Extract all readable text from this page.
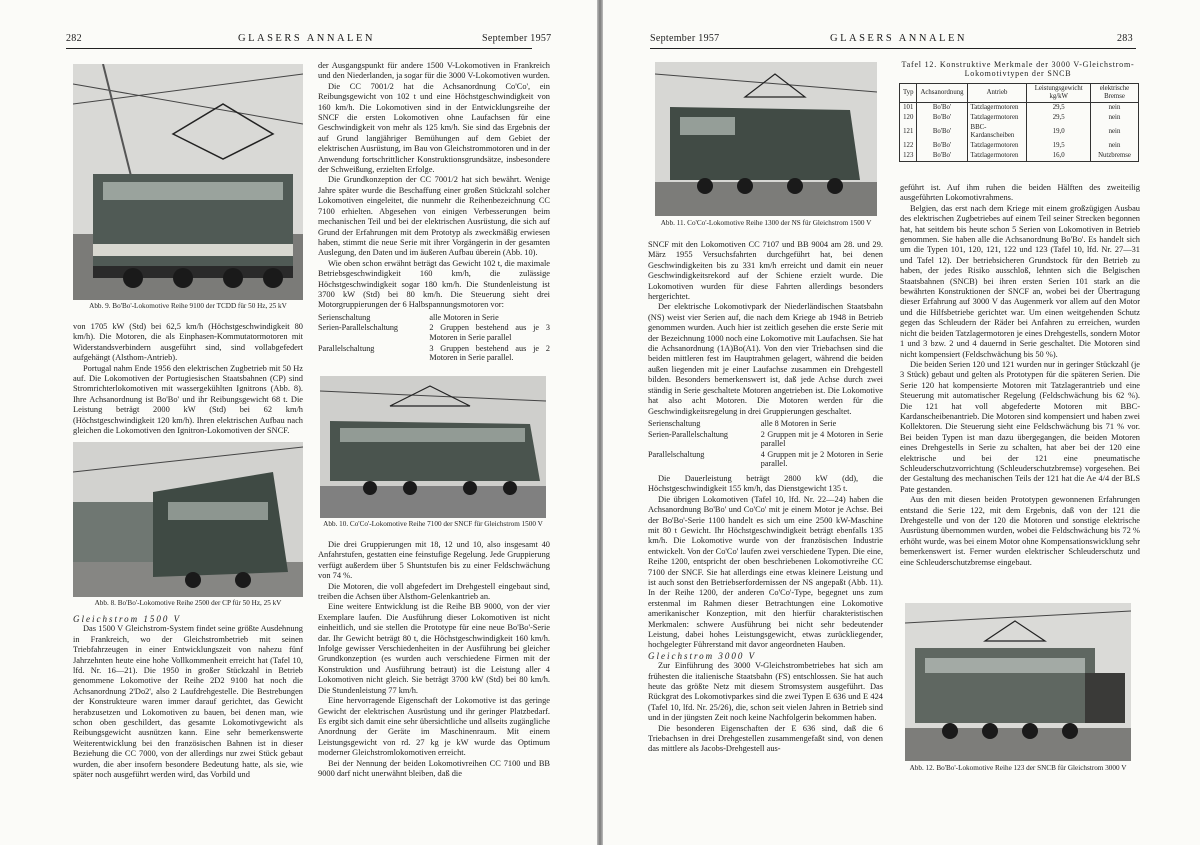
282	GLASERS ANNALEN	September 1957
Abb. 9. Bo'Bo'-Lokomotive Reihe 9100 der TCDD für 50 Hz, 25 kV

von 1705 kW (Std) bei 62,5 km/h (Höchstgeschwindigkeit 80 km/h). Die Motoren, die als Einphasen-Kommutatormotoren mit Widerstandsverbindern ausgeführt sind, sind vollabgefedert aufgehängt (Alsthom-Antrieb).

Portugal nahm Ende 1956 den elektrischen Zugbetrieb mit 50 Hz auf. Die Lokomotiven der Portugiesischen Staatsbahnen (CP) sind Stromrichterlokomotiven mit wassergekühlten Ignitrons (Abb. 8). Ihre Achsanordnung ist Bo'Bo' und ihr Reibungsgewicht 68 t. Die Leistung beträgt 2000 kW (Std) bei 62 km/h (Höchstgeschwindigkeit 120 km/h). Ihren elektrischen Aufbau nach gleichen die Lokomotiven den Ignitron-Lokomotiven der SNCF.

Abb. 8. Bo'Bo'-Lokomotive Reihe 2500 der CP für 50 Hz, 25 kV

Gleichstrom 1500 V

Das 1500 V Gleichstrom-System findet seine größte Ausdehnung in Frankreich, wo der Gleichstrombetrieb mit seinen Triebfahrzeugen in einer Entwicklungszeit von nahezu fünf Jahrzehnten heute eine hohe Vollkommenheit erreicht hat (Tafel 10, lfd. Nr. 16—21). Die 1950 in großer Stückzahl in Betrieb genommene Lokomotive der Reihe 2D2 9100 hat noch die Achsanordnung 2'Do2', also 2 Laufdrehgestelle. Die Bestrebungen der Konstrukteure waren immer darauf gerichtet, das Gewicht herabzusetzen und Lokomotiven zu bauen, bei denen man, wie schon oben geschildert, das gesamte Lokomotivgewicht als Reibungsgewicht ausnützen kann. Eine sehr bemerkenswerte Weiterentwicklung bei den französischen Bahnen ist in dieser Beziehung die CC 7000, von der allerdings nur zwei Stück gebaut wurden, die aber insofern besondere Bedeutung hatte, als sie, wie später noch ausgeführt werden wird, das Vorbild und

der Ausgangspunkt für andere 1500 V-Lokomotiven in Frankreich und den Niederlanden, ja sogar für die 3000 V-Lokomotiven wurden.

Die CC 7001/2 hat die Achsanordnung Co'Co', ein Reibungsgewicht von 102 t und eine Höchstgeschwindigkeit von 160 km/h. Die Lokomotiven sind in der Entwicklungsreihe der SNCF die ersten Lokomotiven ohne Laufachsen für eine Geschwindigkeit von mehr als 125 km/h. Sie sind das Ergebnis der auf Grund langjähriger Bemühungen auf dem Gebiet der elektrischen Ausrüstung, im Bau von Gleichstrommotoren und in der Anwendung fortschrittlicher Konstruktionsgrundsätze, insbesondere der Schweißung, erzielten Erfolge.

Die Grundkonzeption der CC 7001/2 hat sich bewährt. Wenige Jahre später wurde die Beschaffung einer großen Stückzahl solcher Lokomotiven eingeleitet, die nunmehr die Reihenbezeichnung CC 7100 erhielten. Abgesehen von einigen Verbesserungen beim mechanischen Teil und bei der elektrischen Ausrüstung, die sich auf Grund der Erfahrungen mit dem Prototyp als zweckmäßig erwiesen haben, stimmt die neue Serie mit ihrer Vorgängerin in der gesamten Auslegung, den Daten und im äußeren Aufbau überein (Abb. 10).

Wie oben schon erwähnt beträgt das Gewicht 102 t, die maximale Betriebsgeschwindigkeit 160 km/h, die zulässige Höchstgeschwindigkeit sogar 180 km/h. Die Stundenleistung ist 3700 kW (Std) bei 80 km/h. Die Steuerung sieht drei Motorgruppierungen der 6 Halbspannungsmotoren vor:

Serienschaltung	alle Motoren in Serie
Serien-Parallelschaltung	2 Gruppen bestehend aus je 3 Motoren in Serie parallel
Parallelschaltung	3 Gruppen bestehend aus je 2 Motoren in Serie parallel.
Abb. 10. Co'Co'-Lokomotive Reihe 7100 der SNCF für Gleichstrom 1500 V

Die drei Gruppierungen mit 18, 12 und 10, also insgesamt 40 Anfahrstufen, gestatten eine feinstufige Regelung. Jede Gruppierung verfügt außerdem über 5 Shuntstufen bis zu einer Feldschwächung von 74 %.

Die Motoren, die voll abgefedert im Drehgestell eingebaut sind, treiben die Achsen über Alsthom-Gelenkantrieb an.

Eine weitere Entwicklung ist die Reihe BB 9000, von der vier Exemplare laufen. Die Ausführung dieser Lokomotiven ist nicht einheitlich, und sie stellen die Prototype für eine neue Bo'Bo'-Serie dar. Ihr Gewicht beträgt 80 t, die Höchstgeschwindigkeit 160 km/h. Infolge gewisser Verschiedenheiten in der Ausführung bei gleicher Grundkonzeption (es wurden auch verschiedene Firmen mit der Konstruktion und Ausführung betraut) ist die Leistung aller 4 Lokomotiven nicht gleich. Sie beträgt 3700 kW (Std) bei 80 km/h. Die Stundenleistung 77 km/h.

Eine hervorragende Eigenschaft der Lokomotive ist das geringe Gewicht der elektrischen Ausrüstung und ihr geringer Platzbedarf. Es ergibt sich damit eine sehr übersichtliche und allseits zugängliche Anordnung der Geräte im Maschinenraum. Mit einem Leistungsgewicht von rd. 27 kg je kW wurde das Optimum moderner Gleichstromlokomotiven erreicht.

Bei der Nennung der beiden Lokomotivreihen CC 7100 und BB 9000 darf nicht unerwähnt bleiben, daß die

September 1957	GLASERS ANNALEN	283
Abb. 11. Co'Co'-Lokomotive Reihe 1300 der NS für Gleichstrom 1500 V

SNCF mit den Lokomotiven CC 7107 und BB 9004 am 28. und 29. März 1955 Versuchsfahrten durchgeführt hat, bei denen Geschwindigkeiten bis zu 331 km/h erreicht und damit ein neuer Geschwindigkeitsrekord auf der Schiene erzielt wurde. Die Lokomotiven wurden für diese Fahrten allerdings besonders hergerichtet.

Der elektrische Lokomotivpark der Niederländischen Staatsbahn (NS) weist vier Serien auf, die nach dem Kriege ab 1948 in Betrieb genommen wurden. Auch hier ist zeitlich gesehen die erste Serie mit der Bezeichnung 1000 noch eine Lokomotive mit Laufachsen. Sie hat die Achsanordnung (1A)Bo(A1). Von den vier Triebachsen sind die beiden mittleren fest im Hauptrahmen gelagert, während die beiden außen liegenden mit je einer Laufachse zusammen ein Drehgestell bilden. Besonders bemerkenswert ist, daß jede Achse durch zwei ständig in Serie geschaltete Motoren angetrieben ist. Die Lokomotive hat also acht Motoren. Die Motoren werden für die Geschwindigkeitsregelung in drei Gruppierungen geschaltet.

Serienschaltung	alle 8 Motoren in Serie
Serien-Parallelschaltung	2 Gruppen mit je 4 Motoren in Serie parallel
Parallelschaltung	4 Gruppen mit je 2 Motoren in Serie parallel.

Die Dauerleistung beträgt 2800 kW (dd), die Höchstgeschwindigkeit 155 km/h, das Dienstgewicht 135 t.

Die übrigen Lokomotiven (Tafel 10, lfd. Nr. 22—24) haben die Achsanordnung Bo'Bo' und Co'Co' mit je einem Motor je Achse. Bei der Bo'Bo'-Serie 1100 handelt es sich um eine 2500 kW-Maschine mit 80 t Gewicht. Ihr Höchstgeschwindigkeit beträgt ebenfalls 135 km/h. Die Lokomotive wurde von der französischen Industrie entwickelt. Von der Co'Co' laufen zwei verschiedene Typen. Die eine, Reihe 1200, entspricht der oben beschriebenen Lokomotivreihe CC 7100 der SNCF. Sie hat allerdings eine etwas kleinere Leistung und ist auch sonst den Betriebserfordernissen der NS angepaßt (Abb. 11). In der Reihe 1200, der anderen Co'Co'-Type, begegnet uns zum erstenmal im Rahmen dieser Betrachtungen eine Lokomotive amerikanischer Konzeption, mit den hierfür charakteristischen Merkmalen: schwere Ausführung bei nicht sehr bedeutender Leistung, dabei hohes Leistungsgewicht, etwas zurückliegender, hochgelegter Führerstand mit davor angeordneten Hauben.

Gleichstrom 3000 V

Zur Einführung des 3000 V-Gleichstrombetriebes hat sich am frühesten die italienische Staatsbahn (FS) entschlossen. Sie hat auch heute das größte Netz mit diesem Stromsystem ausgeführt. Das Rückgrat des Lokomotivparkes sind die zwei Typen E 636 und E 424 (Tafel 10, lfd. Nr. 25/26), die, schon seit vielen Jahren in Betrieb sind und in der jüngsten Zeit noch keine Nachfolgerin bekommen haben.

Die besonderen Eigenschaften der E 636 sind, daß die 6 Triebachsen in drei Drehgestellen zusammengefaßt sind, von denen das mittlere als Jacobs-Drehgestell aus-

Tafel 12. Konstruktive Merkmale der 3000 V-Gleichstrom-Lokomotivtypen der SNCB
Typ	Achsanordnung	Antrieb	Leistungsgewicht kg/kW	elektrische Bremse
101	Bo'Bo'	Tatzlagermotoren	29,5	nein
120	Bo'Bo'	Tatzlagermotoren	29,5	nein
121	Bo'Bo'	BBC-Kardanscheiben	19,0	nein
122	Bo'Bo'	Tatzlagermotoren	19,5	nein
123	Bo'Bo'	Tatzlagermotoren	16,0	Nutzbremse

geführt ist. Auf ihm ruhen die beiden Hälften des zweiteilig ausgeführten Lokomotivrahmens.

Belgien, das erst nach dem Kriege mit einem großzügigen Ausbau des elektrischen Zugbetriebes auf einem Teil seiner Strecken begonnen hat, hat seitdem bis heute schon 5 Serien von Lokomotiven in Betrieb genommen. Sie haben alle die Achsanordnung Bo'Bo'. Es handelt sich um die Typen 101, 120, 121, 122 und 123 (Tafel 10, lfd. Nr. 27—31 und Tafel 12). Der betriebsicheren Grundstock für den Betrieb zu haben, der jedes Risiko ausschloß, lehnten sich die Belgischen Staatsbahnen (SNCB) bei ihren ersten Serien 101 stark an die bewährten Konstruktionen der SNCF an, wobei bei der Übertragung dieser Erfahrung auf 3000 V das Augenmerk vor allem auf den Motor und die Hilfsbetriebe gerichtet war. Um einen weitgehenden Schutz gegen das Schleudern der Räder bei Anfahren zu erreichen, wurden nicht die beiden Tatzlagermotoren je eines Drehgestells, sondern Motor 1 und 3 bzw. 2 und 4 dauernd in Serie geschaltet. Die Motoren sind nicht kompensiert (Feldschwächung bis 50 %).

Die beiden Serien 120 und 121 wurden nur in geringer Stückzahl (je 3 Stück) gebaut und gelten als Prototypen für die späteren Serien. Die Serie 120 hat kompensierte Motoren mit Tatzlagerantrieb und eine Steuerung mit automatischer Regelung (Feldschwächung bis 62 %). Die 121 hat voll abgefederte Motoren mit BBC-Kardanscheibenantrieb. Die Motoren sind kompensiert und haben zwei Kollektoren. Die Steuerung sieht eine Feldschwächung bis 71 % vor. Bei beiden Typen ist man dazu übergegangen, die beiden Motoren eines Drehgestells in Serie zu schalten, hat aber bei der 120 eine elektrische und bei der 121 eine pneumatische Schleuderschutzvorrichtung (Schleuderschutzbremse) vorgesehen. Bei der Gestaltung des mechanischen Teils der 121 hat die Ae 4/4 der BLS Pate gestanden.

Aus den mit diesen beiden Prototypen gewonnenen Erfahrungen entstand die Serie 122, mit dem Ergebnis, daß von der 121 die Drehgestelle und von der 120 die Motoren und sonstige elektrische Ausrüstung übernommen wurden, wobei die Feldschwächung bis 72 % erhöht wurde, was bei einem Motor ohne Kompensationswicklung sehr bemerkenswert ist. Ferner wurden elektrischer Schleuderschutz und eine Schleuderschutzbremse eingebaut.

Abb. 12. Bo'Bo'-Lokomotive Reihe 123 der SNCB für Gleichstrom 3000 V
